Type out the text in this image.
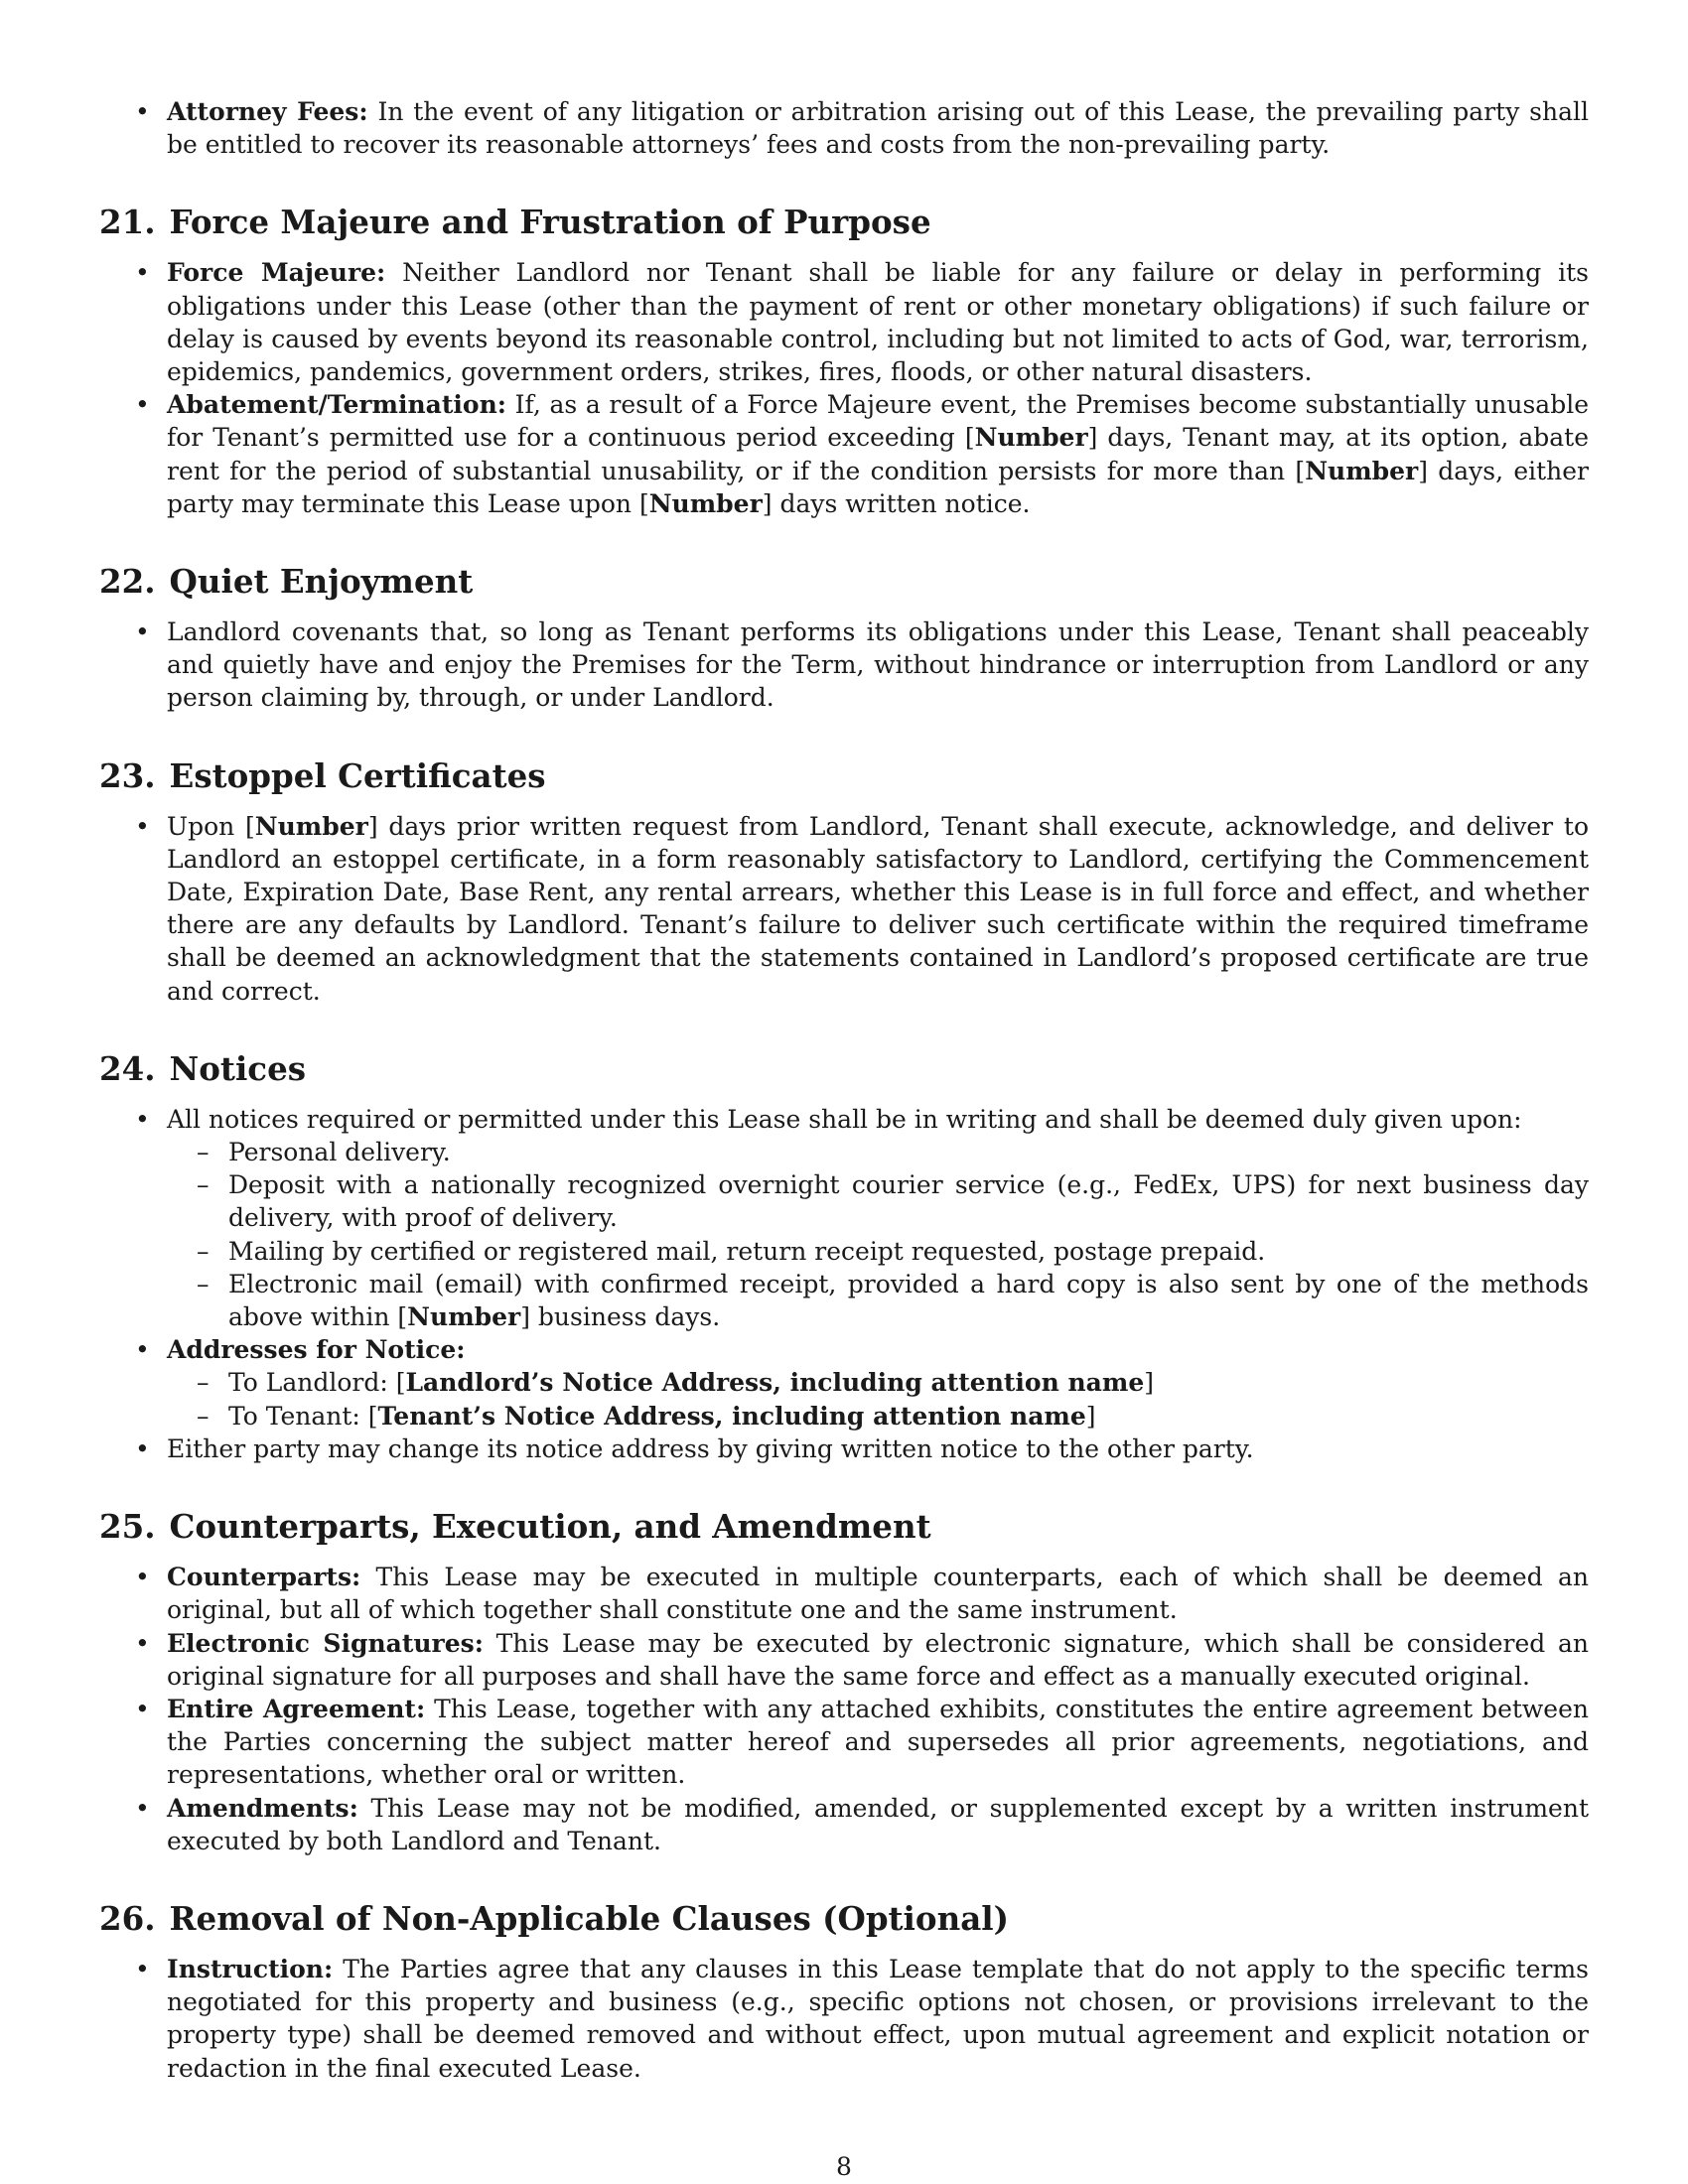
• Attorney Fees: In the event of any litigation or arbitration arising out of this Lease, the prevailing party shall be entitled to recover its reasonable attorneys’ fees and costs from the non-prevailing party.
21. Force Majeure and Frustration of Purpose
• Force Majeure: Neither Landlord nor Tenant shall be liable for any failure or delay in performing its obligations under this Lease (other than the payment of rent or other monetary obligations) if such failure or delay is caused by events beyond its reasonable control, including but not limited to acts of God, war, terrorism, epidemics, pandemics, government orders, strikes, fires, floods, or other natural disasters.
• Abatement/Termination: If, as a result of a Force Majeure event, the Premises become substantially unusable for Tenant’s permitted use for a continuous period exceeding [Number] days, Tenant may, at its option, abate rent for the period of substantial unusability, or if the condition persists for more than [Number] days, either party may terminate this Lease upon [Number] days written notice.
22. Quiet Enjoyment
• Landlord covenants that, so long as Tenant performs its obligations under this Lease, Tenant shall peaceably and quietly have and enjoy the Premises for the Term, without hindrance or interruption from Landlord or any person claiming by, through, or under Landlord.
23. Estoppel Certificates
• Upon [Number] days prior written request from Landlord, Tenant shall execute, acknowledge, and deliver to Landlord an estoppel certificate, in a form reasonably satisfactory to Landlord, certifying the Commencement Date, Expiration Date, Base Rent, any rental arrears, whether this Lease is in full force and effect, and whether there are any defaults by Landlord. Tenant’s failure to deliver such certificate within the required timeframe shall be deemed an acknowledgment that the statements contained in Landlord’s proposed certificate are true and correct.
24. Notices
• All notices required or permitted under this Lease shall be in writing and shall be deemed duly given upon:
– Personal delivery.
– Deposit with a nationally recognized overnight courier service (e.g., FedEx, UPS) for next business day delivery, with proof of delivery.
– Mailing by certified or registered mail, return receipt requested, postage prepaid.
– Electronic mail (email) with confirmed receipt, provided a hard copy is also sent by one of the methods above within [Number] business days.
• Addresses for Notice:
– To Landlord: [Landlord’s Notice Address, including attention name]
– To Tenant: [Tenant’s Notice Address, including attention name]
• Either party may change its notice address by giving written notice to the other party.
25. Counterparts, Execution, and Amendment
• Counterparts: This Lease may be executed in multiple counterparts, each of which shall be deemed an original, but all of which together shall constitute one and the same instrument.
• Electronic Signatures: This Lease may be executed by electronic signature, which shall be considered an original signature for all purposes and shall have the same force and effect as a manually executed original.
• Entire Agreement: This Lease, together with any attached exhibits, constitutes the entire agreement between the Parties concerning the subject matter hereof and supersedes all prior agreements, negotiations, and representations, whether oral or written.
• Amendments: This Lease may not be modified, amended, or supplemented except by a written instrument executed by both Landlord and Tenant.
26. Removal of Non-Applicable Clauses (Optional)
• Instruction: The Parties agree that any clauses in this Lease template that do not apply to the specific terms negotiated for this property and business (e.g., specific options not chosen, or provisions irrelevant to the property type) shall be deemed removed and without effect, upon mutual agreement and explicit notation or redaction in the final executed Lease.
8
